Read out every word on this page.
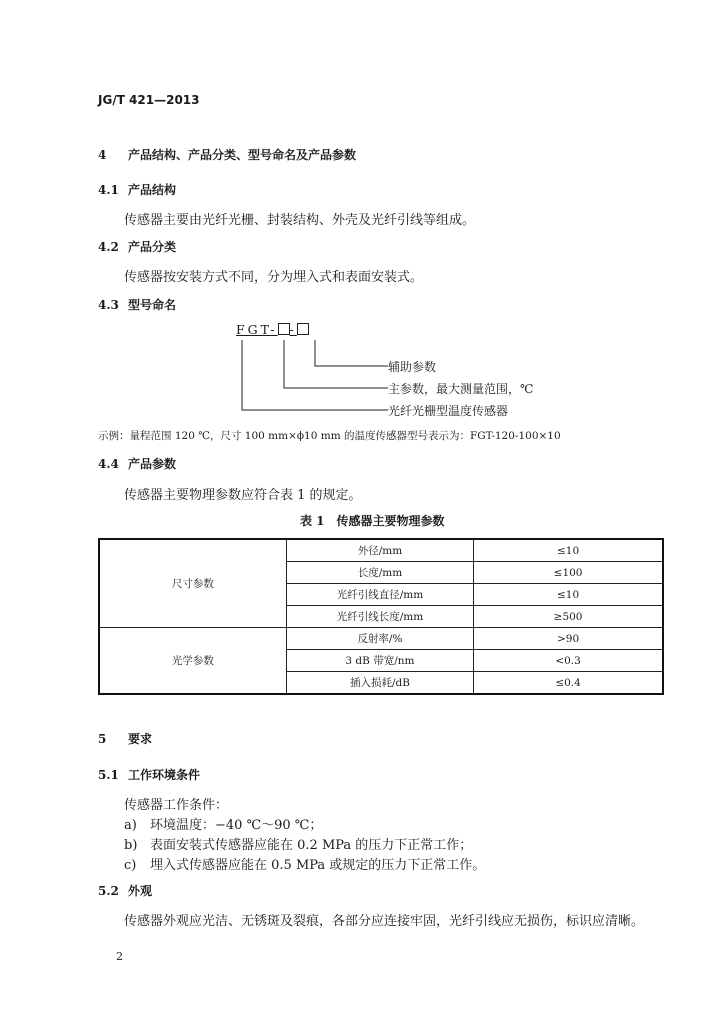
JG/T 421—2013
4 产品结构、产品分类、型号命名及产品参数
4.1 产品结构
传感器主要由光纤光栅、封装结构、外壳及光纤引线等组成。
4.2 产品分类
传感器按安装方式不同，分为埋入式和表面安装式。
4.3 型号命名
FGT- -
辅助参数
主参数，最大测量范围，℃
光纤光栅型温度传感器
示例：量程范围 120 ℃，尺寸 100 mm×ϕ10 mm 的温度传感器型号表示为：FGT-120-100×10
4.4 产品参数
传感器主要物理参数应符合表 1 的规定。
表 1　传感器主要物理参数
尺寸参数	外径/mm	≤10
	长度/mm	≤100
	光纤引线直径/mm	≤10
	光纤引线长度/mm	≥500
光学参数	反射率/%	>90
	3 dB 带宽/nm	<0.3
	插入损耗/dB	≤0.4
5 要求
5.1 工作环境条件
传感器工作条件：
a) 环境温度：−40 ℃～90 ℃；
b) 表面安装式传感器应能在 0.2 MPa 的压力下正常工作；
c) 埋入式传感器应能在 0.5 MPa 或规定的压力下正常工作。
5.2 外观
传感器外观应光洁、无锈斑及裂痕，各部分应连接牢固，光纤引线应无损伤，标识应清晰。
2
